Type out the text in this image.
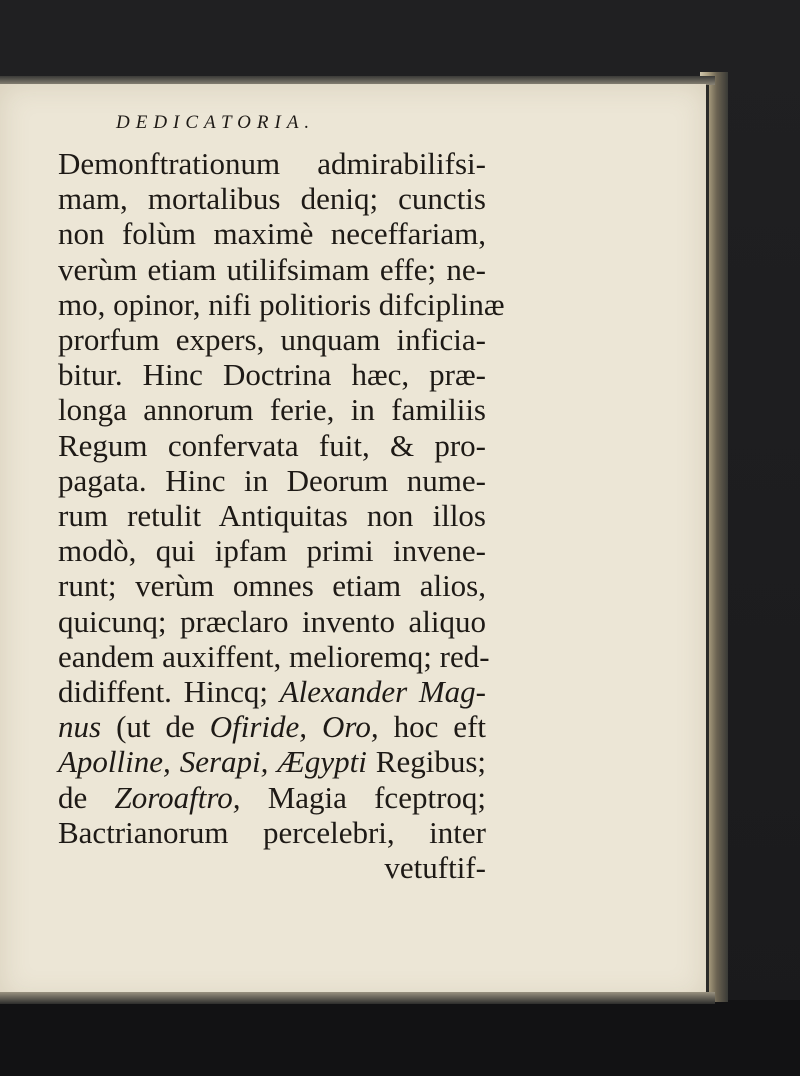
DEDICATORIA.
Demonftrationum admirabilifsi-
mam, mortalibus deniq; cunctis
non folùm maximè neceffariam,
verùm etiam utilifsimam effe; ne-
mo, opinor, nifi politioris difciplinæ
prorfum expers, unquam inficia-
bitur. Hinc Doctrina hæc, præ-
longa annorum ferie, in familiis
Regum confervata fuit, & pro-
pagata. Hinc in Deorum nume-
rum retulit Antiquitas non illos
modò, qui ipfam primi invene-
runt; verùm omnes etiam alios,
quicunq; præclaro invento aliquo
eandem auxiffent, melioremq; red-
didiffent. Hincq; Alexander Mag-
nus (ut de Ofiride, Oro, hoc eft
Apolline, Serapi, Ægypti Regibus;
de Zoroaftro, Magia fceptroq;
Bactrianorum percelebri, inter
vetuftif-
